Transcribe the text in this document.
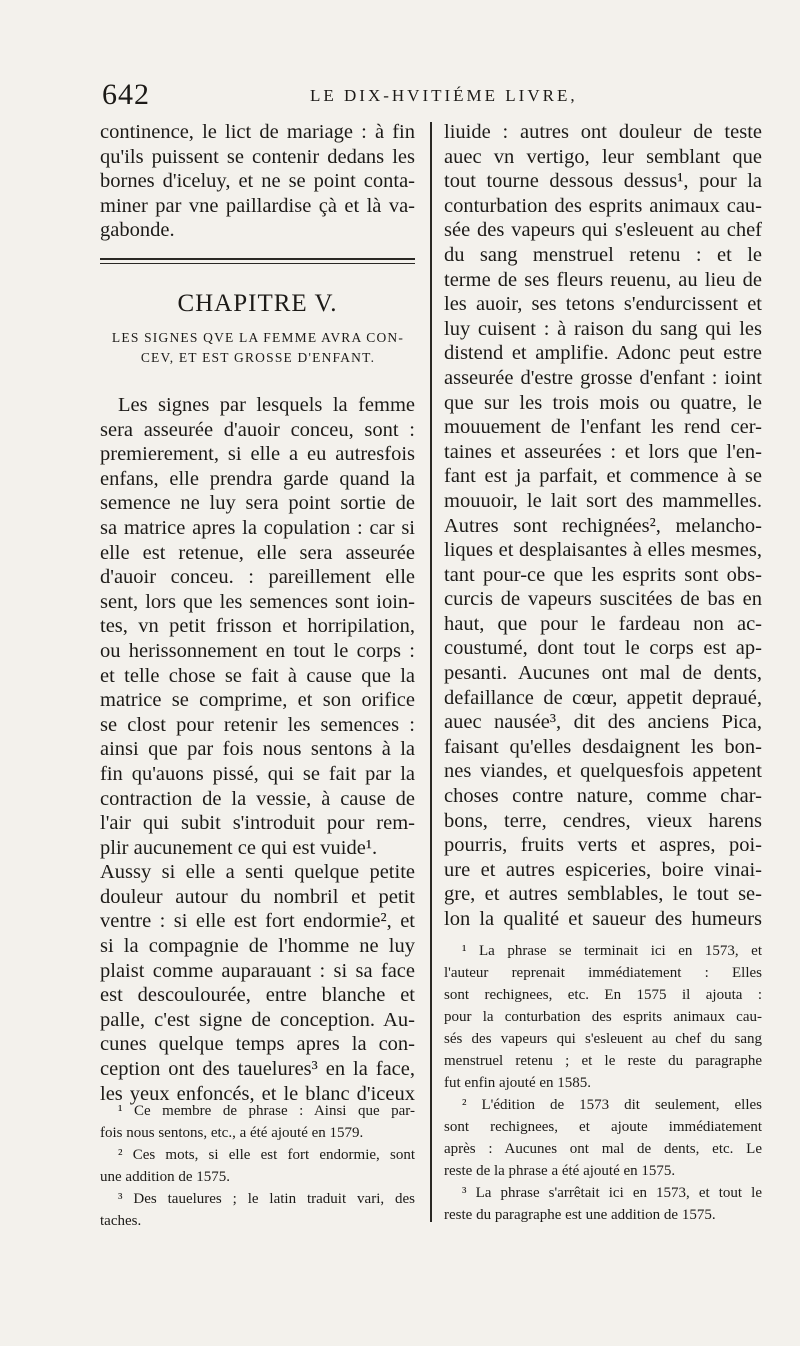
642	LE DIX-HVITIÉME LIVRE,

continence, le lict de mariage : à fin
qu'ils puissent se contenir dedans les
bornes d'iceluy, et ne se point conta-
miner par vne paillardise çà et là va-
gabonde.

CHAPITRE V.
LES SIGNES QVE LA FEMME AVRA CON-
CEV, ET EST GROSSE D'ENFANT.

Les signes par lesquels la femme
sera asseurée d'auoir conceu, sont :
premierement, si elle a eu autresfois
enfans, elle prendra garde quand la
semence ne luy sera point sortie de
sa matrice apres la copulation : car si
elle est retenue, elle sera asseurée
d'auoir conceu. : pareillement elle
sent, lors que les semences sont ioin-
tes, vn petit frisson et horripilation,
ou herissonnement en tout le corps :
et telle chose se fait à cause que la
matrice se comprime, et son orifice
se clost pour retenir les semences :
ainsi que par fois nous sentons à la
fin qu'auons pissé, qui se fait par la
contraction de la vessie, à cause de
l'air qui subit s'introduit pour rem-
plir aucunement ce qui est vuide¹.
Aussy si elle a senti quelque petite
douleur autour du nombril et petit
ventre : si elle est fort endormie², et
si la compagnie de l'homme ne luy
plaist comme auparauant : si sa face
est descoulourée, entre blanche et
palle, c'est signe de conception. Au-
cunes quelque temps apres la con-
ception ont des tauelures³ en la face,
les yeux enfoncés, et le blanc d'iceux

¹ Ce membre de phrase : Ainsi que par-
fois nous sentons, etc., a été ajouté en 1579.
² Ces mots, si elle est fort endormie, sont
une addition de 1575.
³ Des tauelures ; le latin traduit vari, des
taches.

liuide : autres ont douleur de teste
auec vn vertigo, leur semblant que
tout tourne dessous dessus¹, pour la
conturbation des esprits animaux cau-
sée des vapeurs qui s'esleuent au chef
du sang menstruel retenu : et le
terme de ses fleurs reuenu, au lieu de
les auoir, ses tetons s'endurcissent et
luy cuisent : à raison du sang qui les
distend et amplifie. Adonc peut estre
asseurée d'estre grosse d'enfant : ioint
que sur les trois mois ou quatre, le
mouuement de l'enfant les rend cer-
taines et asseurées : et lors que l'en-
fant est ja parfait, et commence à se
mouuoir, le lait sort des mammelles.
Autres sont rechignées², melancho-
liques et desplaisantes à elles mesmes,
tant pour-ce que les esprits sont obs-
curcis de vapeurs suscitées de bas en
haut, que pour le fardeau non ac-
coustumé, dont tout le corps est ap-
pesanti. Aucunes ont mal de dents,
defaillance de cœur, appetit depraué,
auec nausée³, dit des anciens Pica,
faisant qu'elles desdaignent les bon-
nes viandes, et quelquesfois appetent
choses contre nature, comme char-
bons, terre, cendres, vieux harens
pourris, fruits verts et aspres, poi-
ure et autres espiceries, boire vinai-
gre, et autres semblables, le tout se-
lon la qualité et saueur des humeurs

¹ La phrase se terminait ici en 1573, et
l'auteur reprenait immédiatement : Elles
sont rechignees, etc. En 1575 il ajouta :
pour la conturbation des esprits animaux cau-
sés des vapeurs qui s'esleuent au chef du sang
menstruel retenu ; et le reste du paragraphe
fut enfin ajouté en 1585.
² L'édition de 1573 dit seulement, elles
sont rechignees, et ajoute immédiatement
après : Aucunes ont mal de dents, etc. Le
reste de la phrase a été ajouté en 1575.
³ La phrase s'arrêtait ici en 1573, et tout le
reste du paragraphe est une addition de 1575.
